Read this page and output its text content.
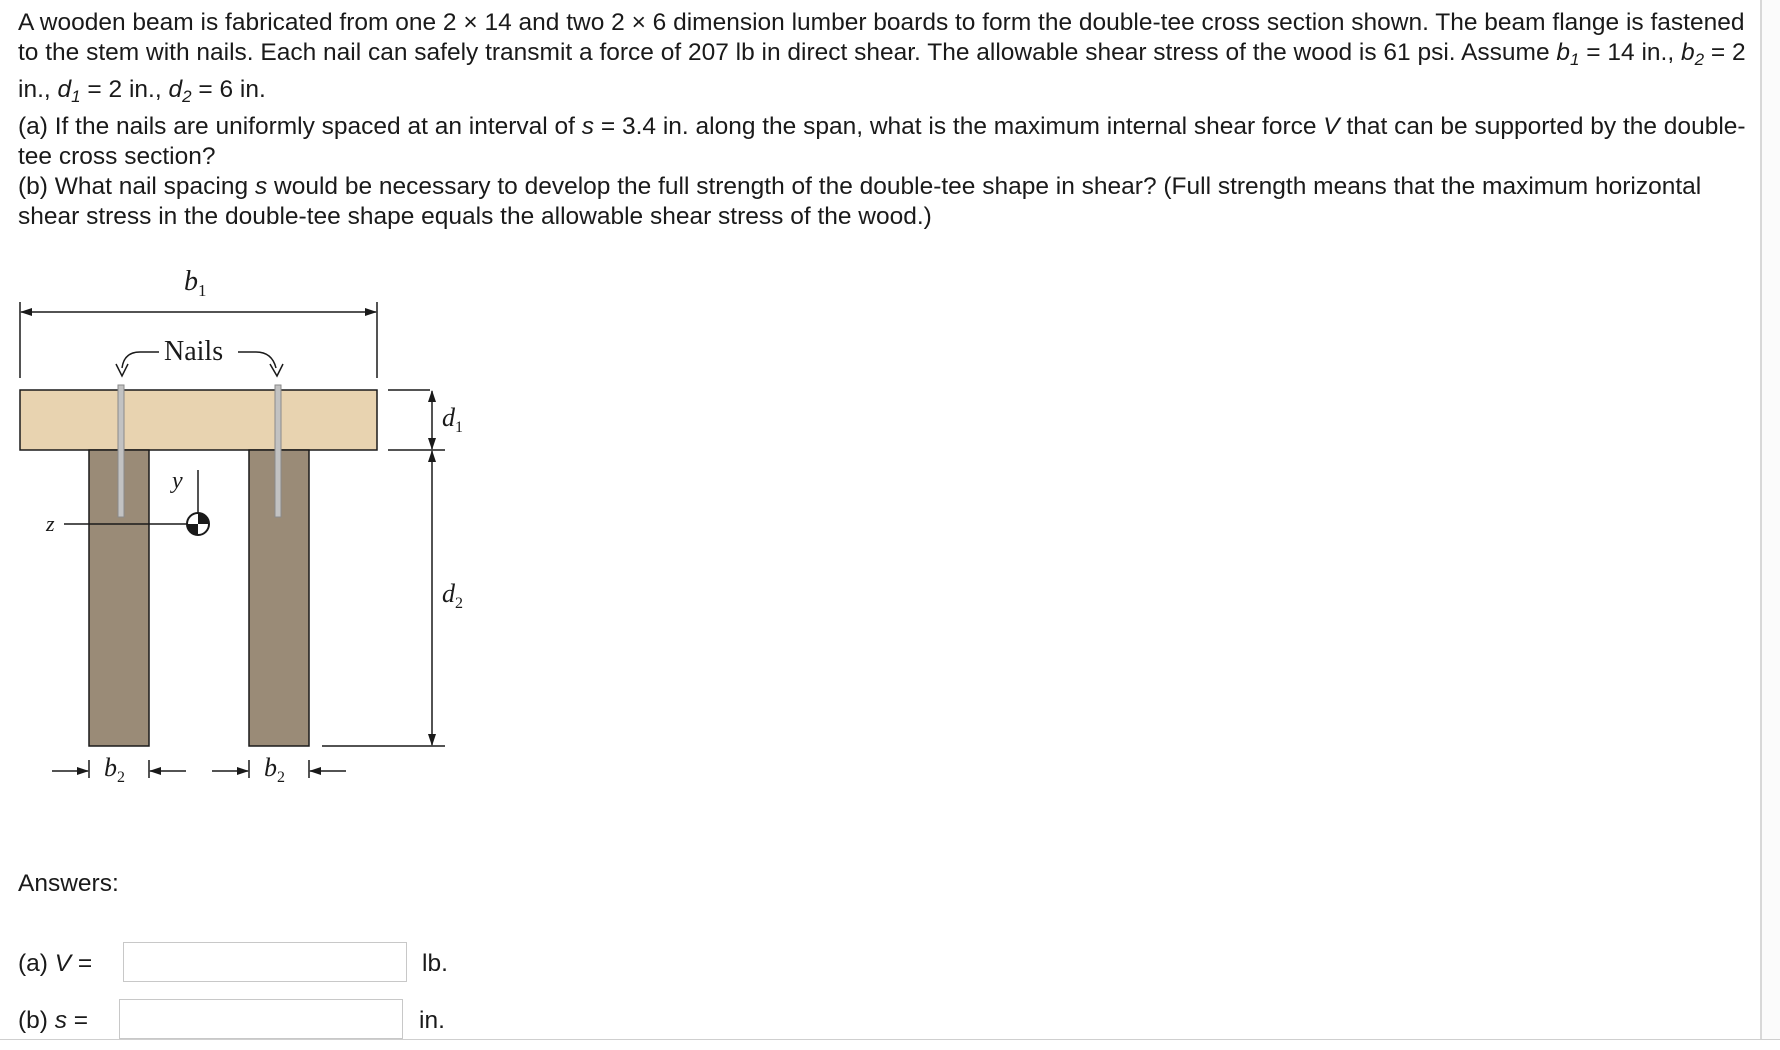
A wooden beam is fabricated from one 2 × 14 and two 2 × 6 dimension lumber boards to form the double-tee cross section shown. The beam flange is fastened to the stem with nails. Each nail can safely transmit a force of 207 lb in direct shear. The allowable shear stress of the wood is 61 psi. Assume $b_1 = 14$ in., $b_2 = 2$ in., $d_1 = 2$ in., $d_2 = 6$ in.

(a) If the nails are uniformly spaced at an interval of s = 3.4 in. along the span, what is the maximum internal shear force V that can be supported by the double-tee cross section?

(b) What nail spacing s would be necessary to develop the full strength of the double-tee shape in shear? (Full strength means that the maximum horizontal shear stress in the double-tee shape equals the allowable shear stress of the wood.)

$b_1$
Nails
y
z
$d_1$
$d_2$
$b_2$	$b_2$
Answers:
(a) V =	lb.
(b) s =	in.
